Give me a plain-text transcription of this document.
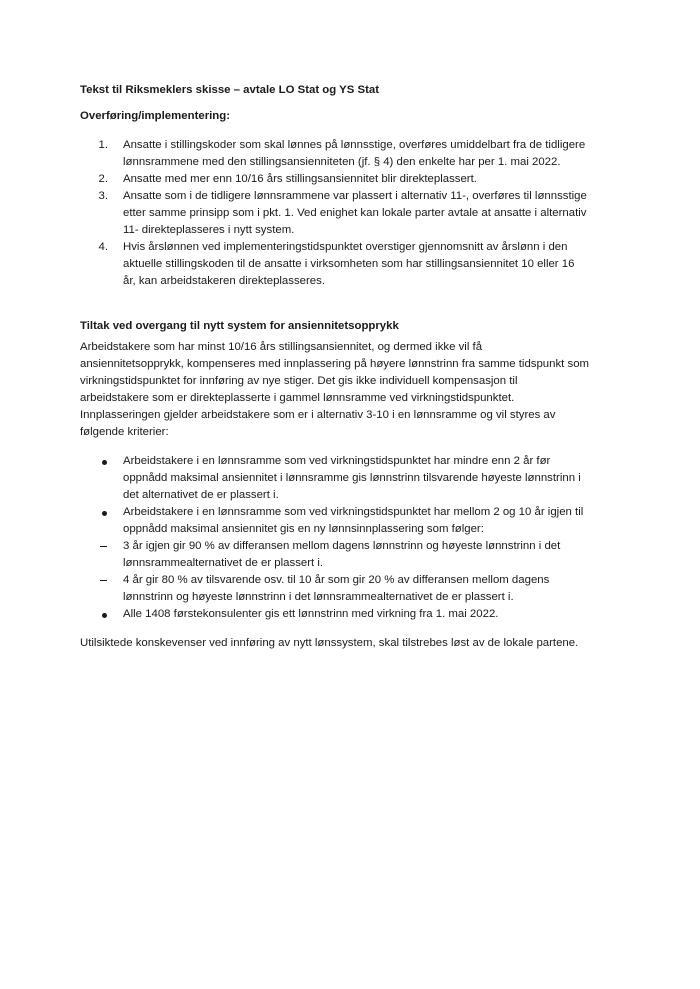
Tekst til Riksmeklers skisse – avtale LO Stat og YS Stat
Overføring/implementering:
1. Ansatte i stillingskoder som skal lønnes på lønnsstige, overføres umiddelbart fra de tidligere
lønnsrammene med den stillingsansienniteten (jf. § 4) den enkelte har per 1. mai 2022.
2. Ansatte med mer enn 10/16 års stillingsansiennitet blir direkteplassert.
3. Ansatte som i de tidligere lønnsrammene var plassert i alternativ 11-, overføres til lønnsstige
etter samme prinsipp som i pkt. 1. Ved enighet kan lokale parter avtale at ansatte i alternativ
11- direkteplasseres i nytt system.
4. Hvis årslønnen ved implementeringstidspunktet overstiger gjennomsnitt av årslønn i den
aktuelle stillingskoden til de ansatte i virksomheten som har stillingsansiennitet 10 eller 16
år, kan arbeidstakeren direkteplasseres.
Tiltak ved overgang til nytt system for ansiennitetsopprykk
Arbeidstakere som har minst 10/16 års stillingsansiennitet, og dermed ikke vil få
ansiennitetsopprykk, kompenseres med innplassering på høyere lønnstrinn fra samme tidspunkt som
virkningstidspunktet for innføring av nye stiger. Det gis ikke individuell kompensasjon til
arbeidstakere som er direkteplasserte i gammel lønnsramme ved virkningstidspunktet.
Innplasseringen gjelder arbeidstakere som er i alternativ 3-10 i en lønnsramme og vil styres av
følgende kriterier:
Arbeidstakere i en lønnsramme som ved virkningstidspunktet har mindre enn 2 år før
oppnådd maksimal ansiennitet i lønnsramme gis lønnstrinn tilsvarende høyeste lønnstrinn i
det alternativet de er plassert i.
Arbeidstakere i en lønnsramme som ved virkningstidspunktet har mellom 2 og 10 år igjen til
oppnådd maksimal ansiennitet gis en ny lønnsinnplassering som følger:
3 år igjen gir 90 % av differansen mellom dagens lønnstrinn og høyeste lønnstrinn i det
lønnsrammealternativet de er plassert i.
4 år gir 80 % av tilsvarende osv. til 10 år som gir 20 % av differansen mellom dagens
lønnstrinn og høyeste lønnstrinn i det lønnsrammealternativet de er plassert i.
Alle 1408 førstekonsulenter gis ett lønnstrinn med virkning fra 1. mai 2022.
Utilsiktede konskevenser ved innføring av nytt lønssystem, skal tilstrebes løst av de lokale partene.
